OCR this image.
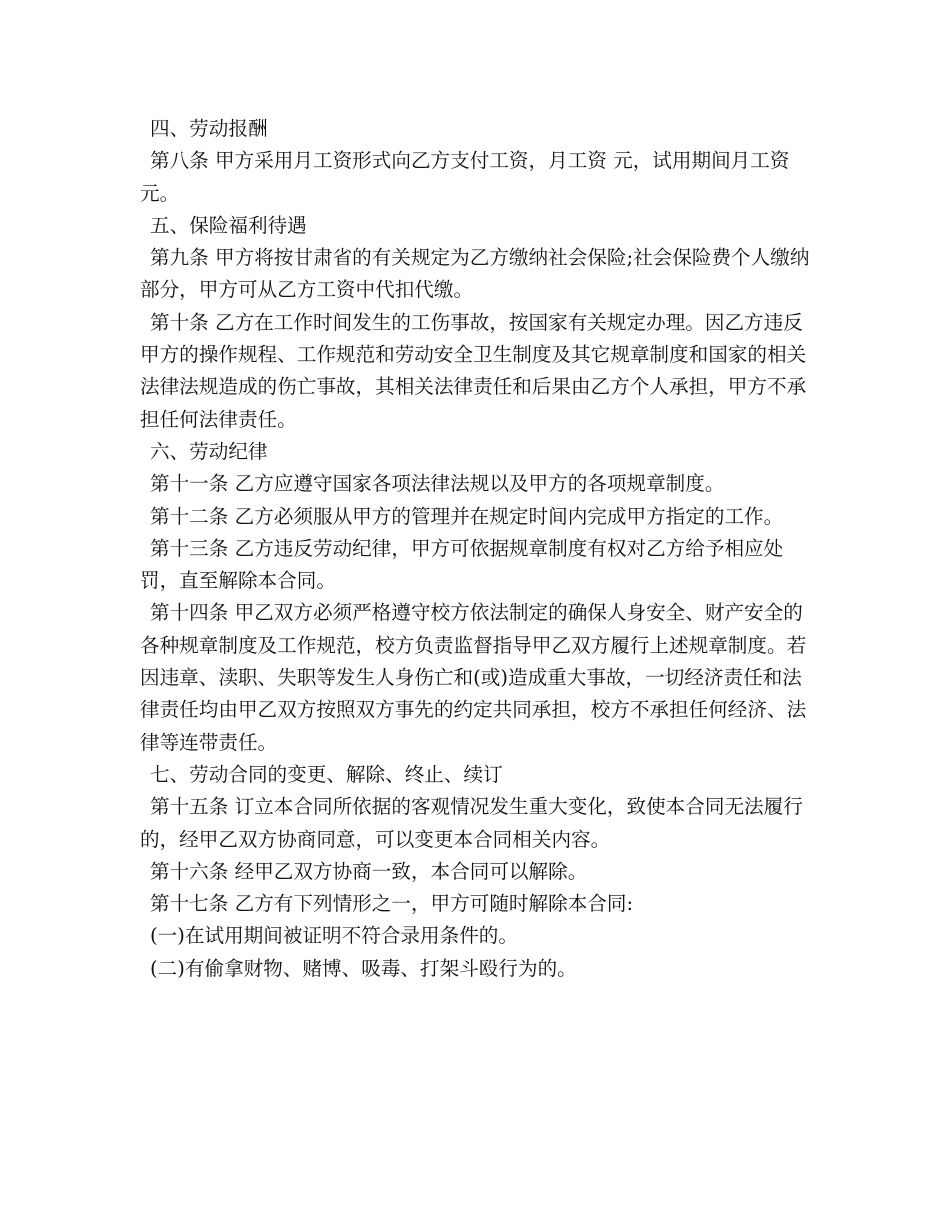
四、劳动报酬

第八条 甲方采用月工资形式向乙方支付工资，月工资 元，试用期间月工资 元。

五、保险福利待遇

第九条 甲方将按甘肃省的有关规定为乙方缴纳社会保险;社会保险费个人缴纳部分，甲方可从乙方工资中代扣代缴。

第十条 乙方在工作时间发生的工伤事故，按国家有关规定办理。因乙方违反甲方的操作规程、工作规范和劳动安全卫生制度及其它规章制度和国家的相关法律法规造成的伤亡事故，其相关法律责任和后果由乙方个人承担，甲方不承担任何法律责任。

六、劳动纪律

第十一条 乙方应遵守国家各项法律法规以及甲方的各项规章制度。

第十二条 乙方必须服从甲方的管理并在规定时间内完成甲方指定的工作。

第十三条 乙方违反劳动纪律，甲方可依据规章制度有权对乙方给予相应处罚，直至解除本合同。

第十四条 甲乙双方必须严格遵守校方依法制定的确保人身安全、财产安全的各种规章制度及工作规范，校方负责监督指导甲乙双方履行上述规章制度。若因违章、渎职、失职等发生人身伤亡和(或)造成重大事故，一切经济责任和法律责任均由甲乙双方按照双方事先的约定共同承担，校方不承担任何经济、法律等连带责任。

七、劳动合同的变更、解除、终止、续订

第十五条 订立本合同所依据的客观情况发生重大变化，致使本合同无法履行的，经甲乙双方协商同意，可以变更本合同相关内容。

第十六条 经甲乙双方协商一致，本合同可以解除。

第十七条 乙方有下列情形之一，甲方可随时解除本合同:

(一)在试用期间被证明不符合录用条件的。

(二)有偷拿财物、赌博、吸毒、打架斗殴行为的。
